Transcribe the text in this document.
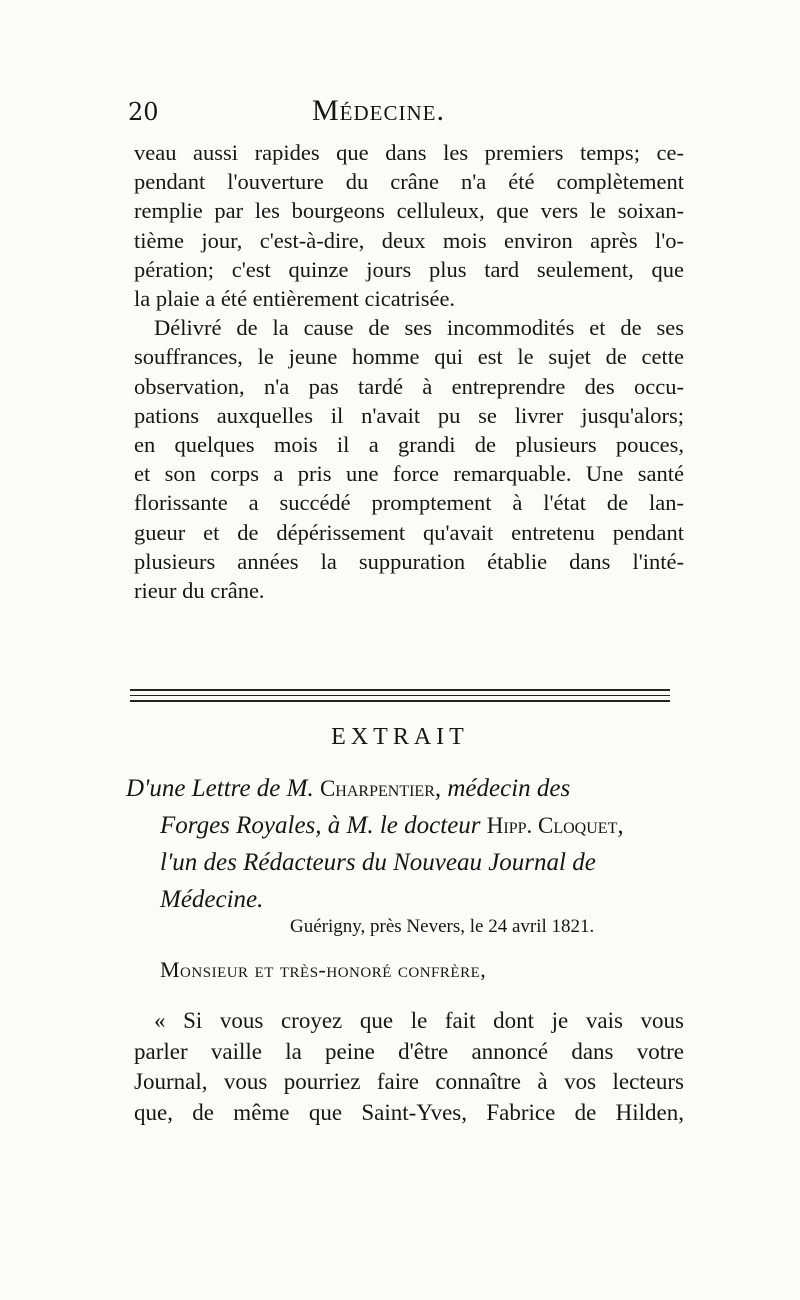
20	Médecine.
veau aussi rapides que dans les premiers temps; ce-
pendant l'ouverture du crâne n'a été complètement
remplie par les bourgeons celluleux, que vers le soixan-
tième jour, c'est-à-dire, deux mois environ après l'o-
pération; c'est quinze jours plus tard seulement, que
la plaie a été entièrement cicatrisée.
Délivré de la cause de ses incommodités et de ses
souffrances, le jeune homme qui est le sujet de cette
observation, n'a pas tardé à entreprendre des occu-
pations auxquelles il n'avait pu se livrer jusqu'alors;
en quelques mois il a grandi de plusieurs pouces,
et son corps a pris une force remarquable. Une santé
florissante a succédé promptement à l'état de lan-
gueur et de dépérissement qu'avait entretenu pendant
plusieurs années la suppuration établie dans l'inté-
rieur du crâne.
EXTRAIT
D'une Lettre de M. Charpentier, médecin des
Forges Royales, à M. le docteur Hipp. Cloquet,
l'un des Rédacteurs du Nouveau Journal de
Médecine.
Guérigny, près Nevers, le 24 avril 1821.
Monsieur et très-honoré confrère,
« Si vous croyez que le fait dont je vais vous
parler vaille la peine d'être annoncé dans votre
Journal, vous pourriez faire connaître à vos lecteurs
que, de même que Saint-Yves, Fabrice de Hilden,
